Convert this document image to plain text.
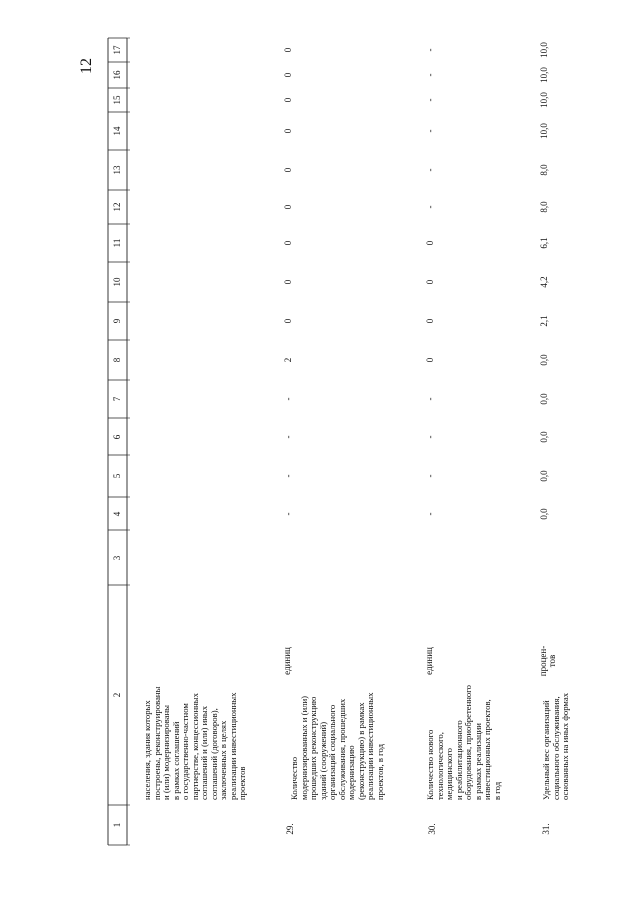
12
1
2
3
4
5
6
7
8
9
10
11
12
13
14
15
16
17
населения, здания которых построены, реконструированы и (или) модернизированы в рамках соглашений о государственно-частном партнерстве, концессионных соглашений и (или) иных соглашений (договоров), заключенных в целях реализации инвестиционных проектов
29.
Количество модернизированных и (или) прошедших реконструкцию зданий (сооружений) организаций социального обслуживания, прошедших модернизацию (реконструкцию) в рамках реализации инвестиционных проектов, в год
единиц
-
-
-
-
2
0
0
0
0
0
0
0
0
0
30.
Количество нового технологического, медицинского и реабилитационного оборудования, приобретенного в рамках реализации инвестиционных проектов, в год
единиц
-
-
-
-
0
0
0
0
-
-
-
-
-
-
31.
Удельный вес организаций социального обслуживания, основанных на иных формах
процен- тов
0,0
0,0
0,0
0,0
0,0
2,1
4,2
6,1
8,0
8,0
10,0
10,0
10,0
10,0
